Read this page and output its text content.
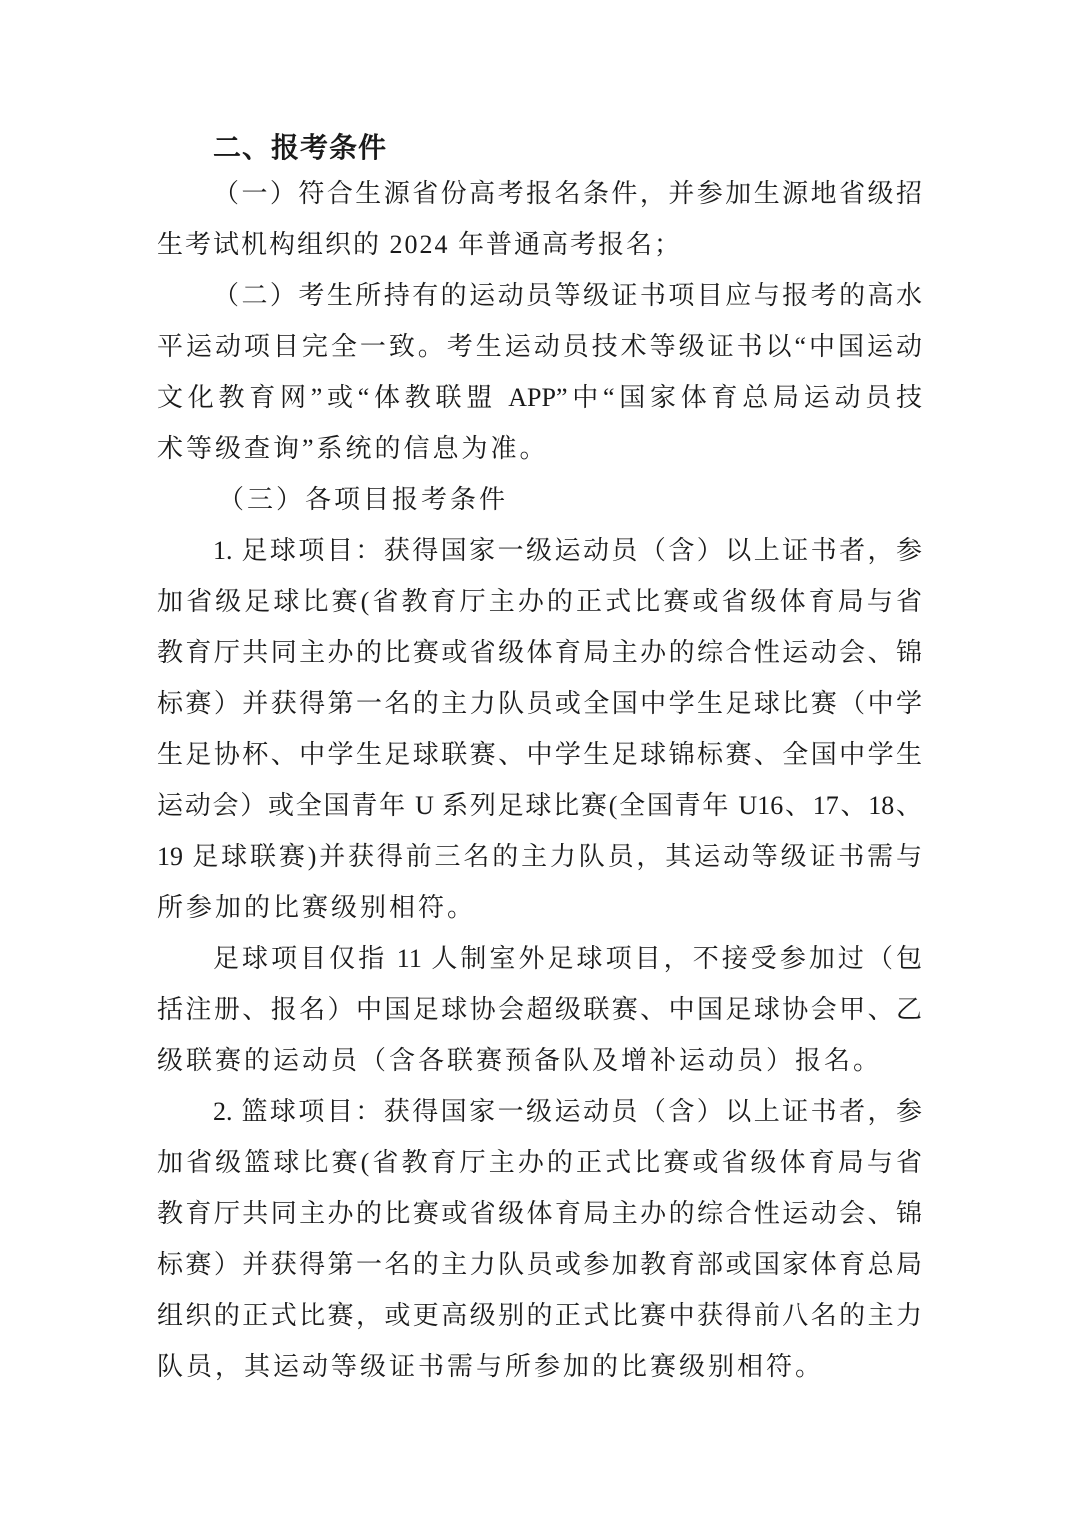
二、报考条件
（一）符合生源省份高考报名条件，并参加生源地省级招
生考试机构组织的 2024 年普通高考报名；
（二）考生所持有的运动员等级证书项目应与报考的高水
平运动项目完全一致。考生运动员技术等级证书以“中国运动
文化教育网”或“体教联盟 APP”中“国家体育总局运动员技
术等级查询”系统的信息为准。
（三）各项目报考条件
1. 足球项目：获得国家一级运动员（含）以上证书者，参
加省级足球比赛(省教育厅主办的正式比赛或省级体育局与省
教育厅共同主办的比赛或省级体育局主办的综合性运动会、锦
标赛）并获得第一名的主力队员或全国中学生足球比赛（中学
生足协杯、中学生足球联赛、中学生足球锦标赛、全国中学生
运动会）或全国青年 U 系列足球比赛(全国青年 U16、17、18、
19 足球联赛)并获得前三名的主力队员，其运动等级证书需与
所参加的比赛级别相符。
足球项目仅指 11 人制室外足球项目，不接受参加过（包
括注册、报名）中国足球协会超级联赛、中国足球协会甲、乙
级联赛的运动员（含各联赛预备队及增补运动员）报名。
2. 篮球项目：获得国家一级运动员（含）以上证书者，参
加省级篮球比赛(省教育厅主办的正式比赛或省级体育局与省
教育厅共同主办的比赛或省级体育局主办的综合性运动会、锦
标赛）并获得第一名的主力队员或参加教育部或国家体育总局
组织的正式比赛，或更高级别的正式比赛中获得前八名的主力
队员，其运动等级证书需与所参加的比赛级别相符。
